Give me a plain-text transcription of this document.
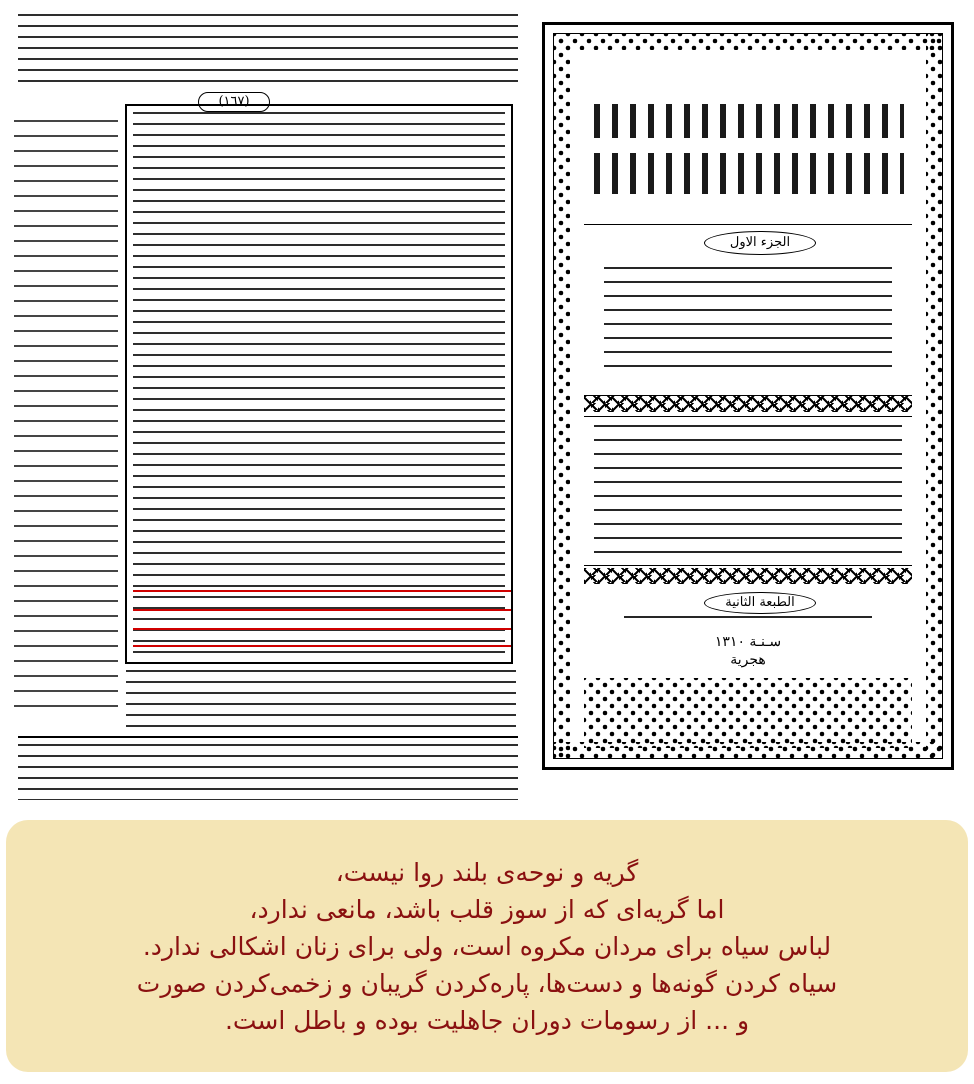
(١٦٧)
الجزء الاول
الطبعة الثانية
سـنـة ١٣١٠
هجرية
گریه و نوحه‌ی بلند روا نیست،
اما گریه‌ای که از سوز قلب باشد، مانعی ندارد،
لباس سیاه برای مردان مکروه است، ولی برای زنان اشکالی ندارد.
سیاه کردن گونه‌ها و دست‌ها، پاره‌کردن گریبان و زخمی‌کردن صورت
و ... از رسومات دوران جاهلیت بوده و باطل است.
